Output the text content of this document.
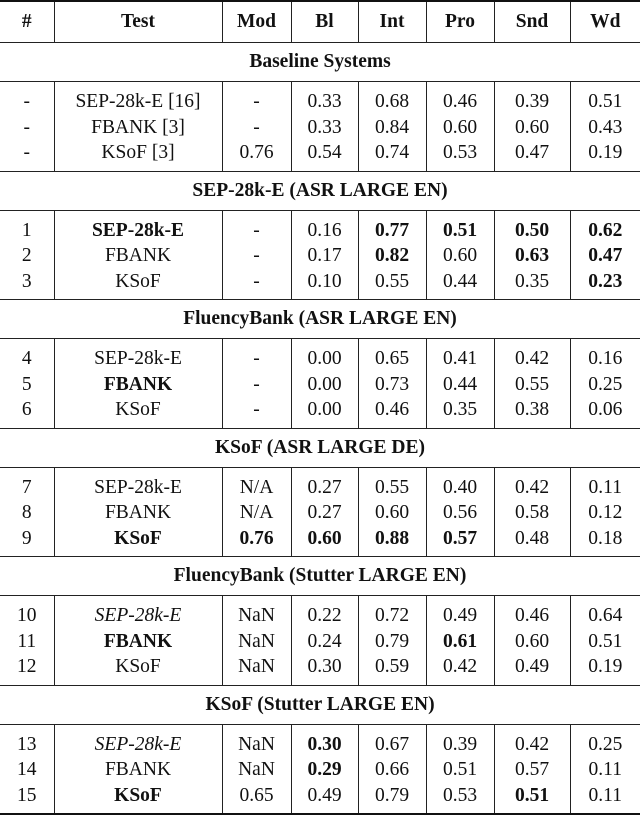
#	Test	Mod	Bl	Int	Pro	Snd	Wd
Baseline Systems							
-	SEP-28k-E [16]	-	0.33	0.68	0.46	0.39	0.51
-	FBANK [3]	-	0.33	0.84	0.60	0.60	0.43
-	KSoF [3]	0.76	0.54	0.74	0.53	0.47	0.19
SEP-28k-E (ASR LARGE EN)							
1	SEP-28k-E	-	0.16	0.77	0.51	0.50	0.62
2	FBANK	-	0.17	0.82	0.60	0.63	0.47
3	KSoF	-	0.10	0.55	0.44	0.35	0.23
FluencyBank (ASR LARGE EN)							
4	SEP-28k-E	-	0.00	0.65	0.41	0.42	0.16
5	FBANK	-	0.00	0.73	0.44	0.55	0.25
6	KSoF	-	0.00	0.46	0.35	0.38	0.06
KSoF (ASR LARGE DE)							
7	SEP-28k-E	N/A	0.27	0.55	0.40	0.42	0.11
8	FBANK	N/A	0.27	0.60	0.56	0.58	0.12
9	KSoF	0.76	0.60	0.88	0.57	0.48	0.18
FluencyBank (Stutter LARGE EN)							
10	SEP-28k-E	NaN	0.22	0.72	0.49	0.46	0.64
11	FBANK	NaN	0.24	0.79	0.61	0.60	0.51
12	KSoF	NaN	0.30	0.59	0.42	0.49	0.19
KSoF (Stutter LARGE EN)							
13	SEP-28k-E	NaN	0.30	0.67	0.39	0.42	0.25
14	FBANK	NaN	0.29	0.66	0.51	0.57	0.11
15	KSoF	0.65	0.49	0.79	0.53	0.51	0.11
